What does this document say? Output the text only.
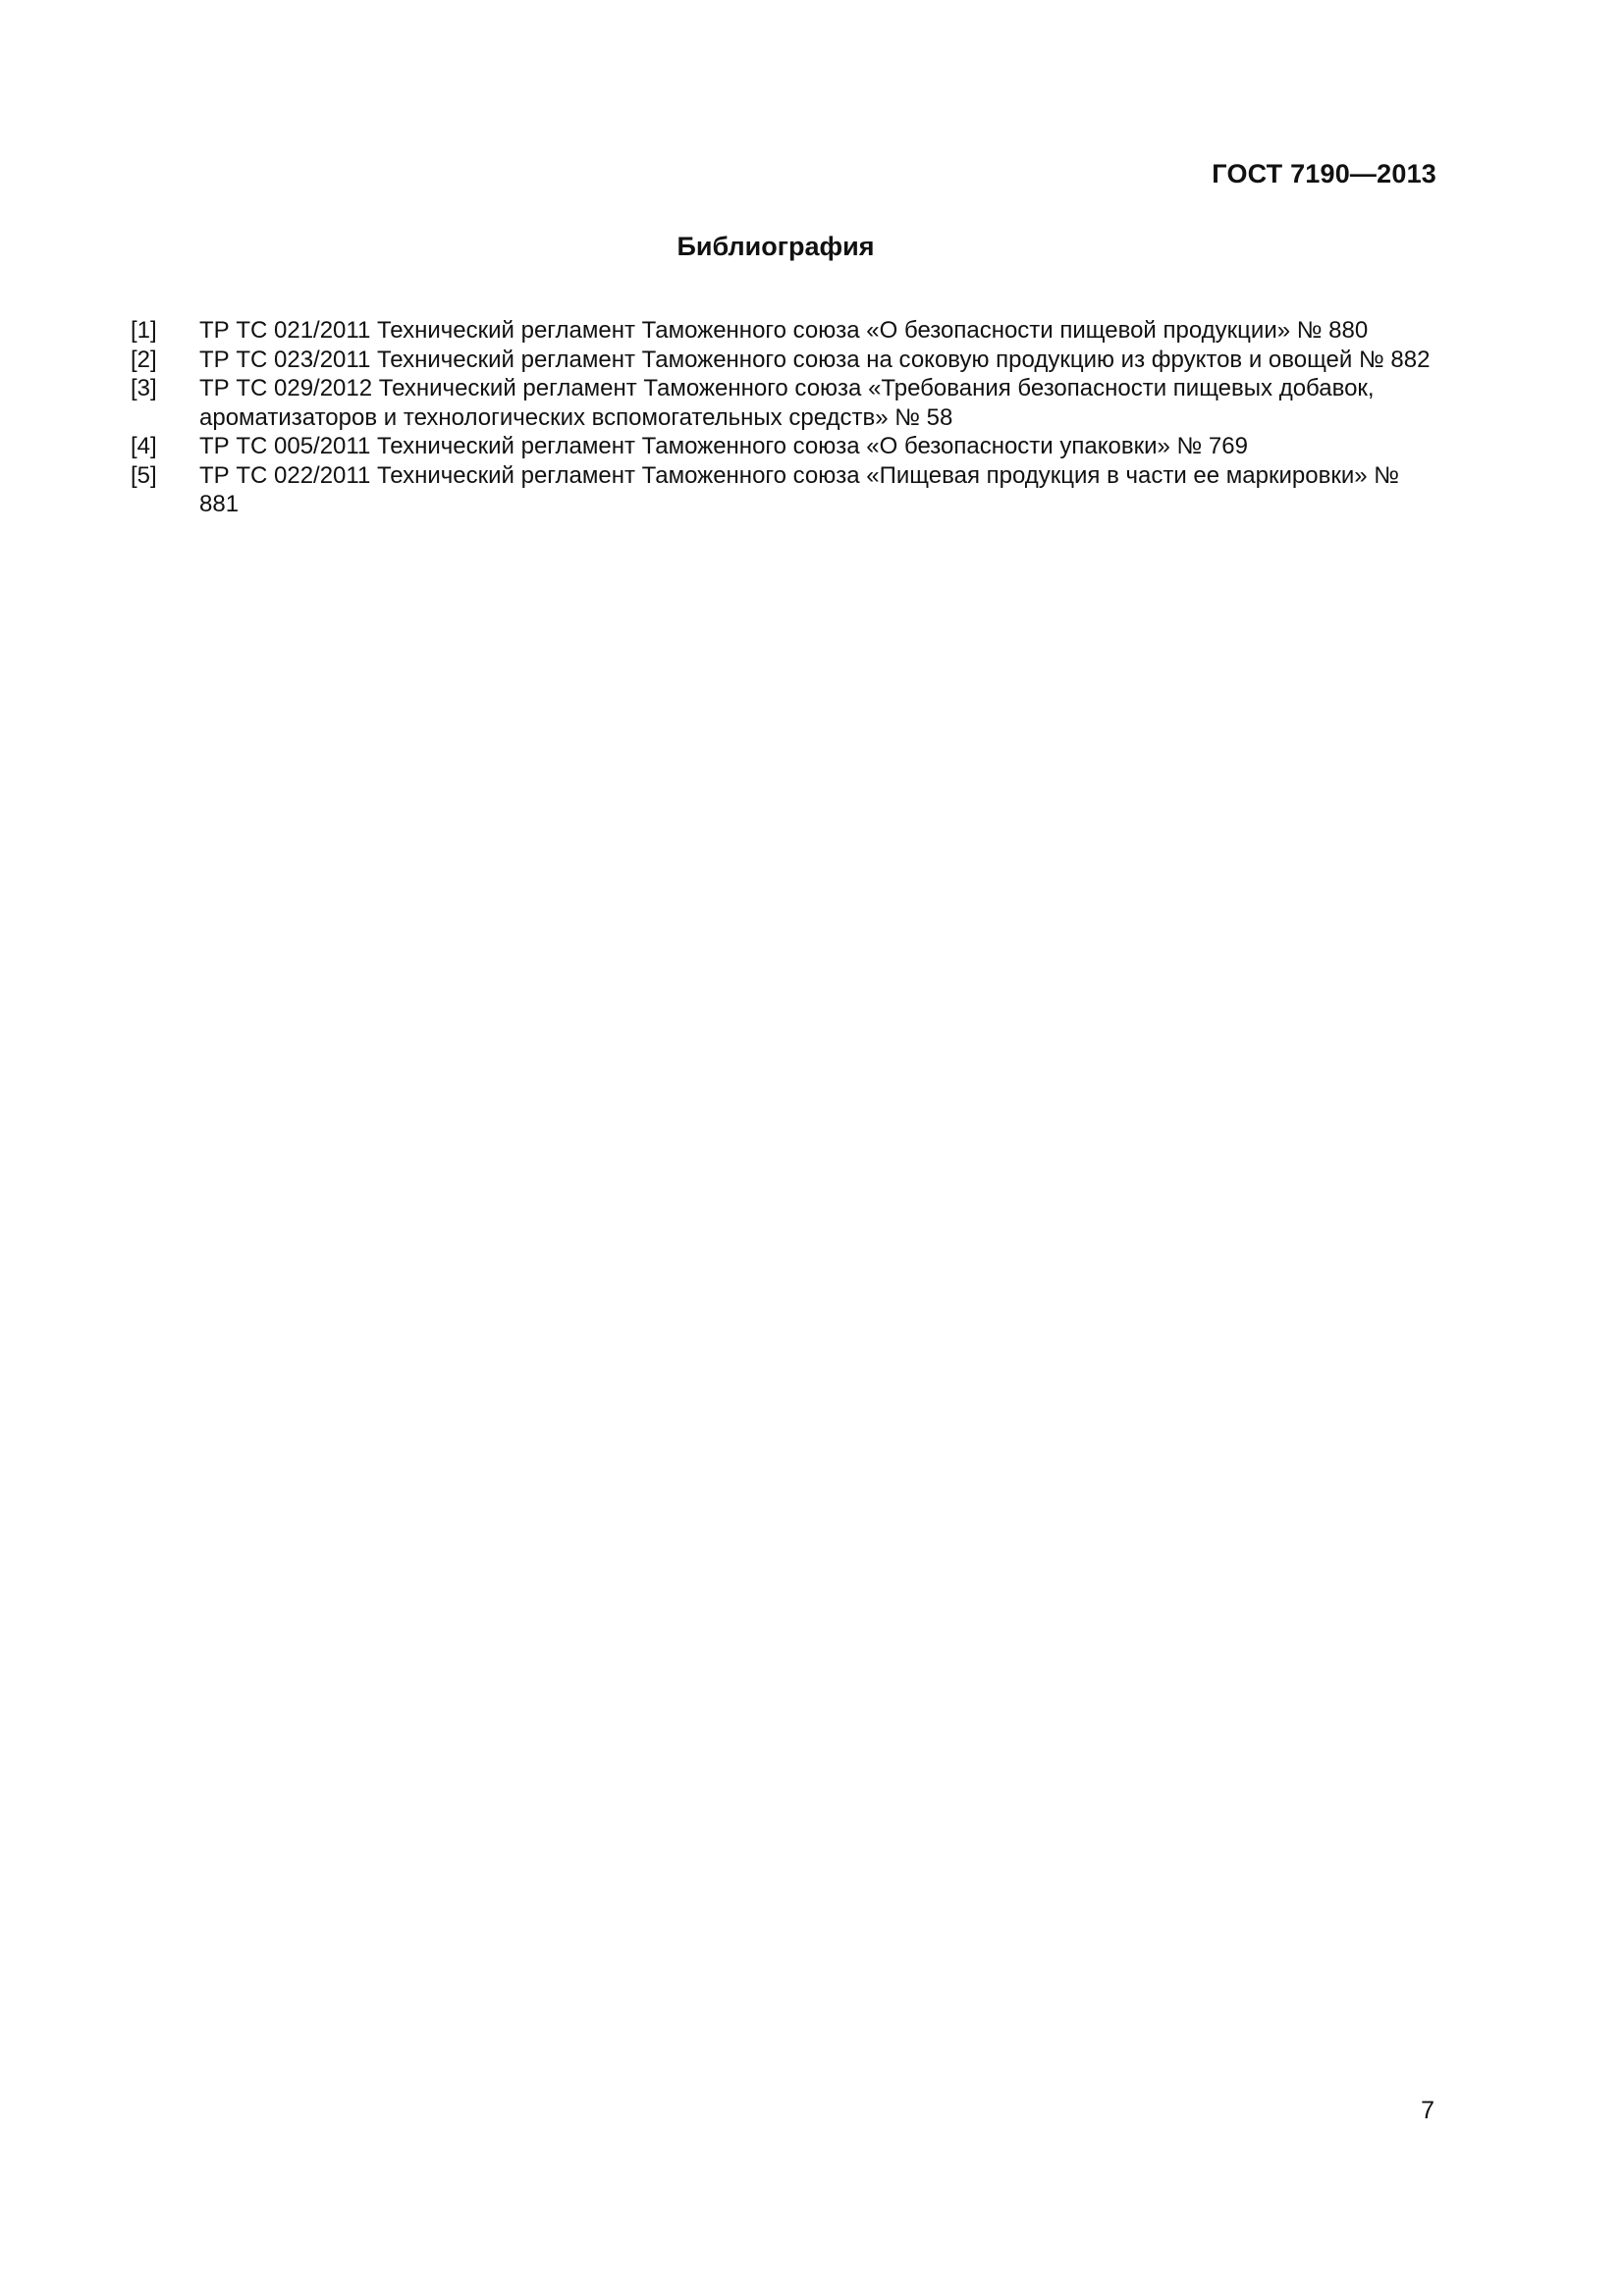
ГОСТ 7190—2013
Библиография
[1]	ТР ТС 021/2011 Технический регламент Таможенного союза «О безопасности пищевой продукции» № 880
[2]	ТР ТС 023/2011 Технический регламент Таможенного союза на соковую продукцию из фруктов и овощей № 882
[3]	ТР ТС 029/2012 Технический регламент Таможенного союза «Требования безопасности пищевых добавок, ароматизаторов и технологических вспомогательных средств» № 58
[4]	ТР ТС 005/2011 Технический регламент Таможенного союза «О безопасности упаковки» № 769
[5]	ТР ТС 022/2011 Технический регламент Таможенного союза «Пищевая продукция в части ее маркировки» № 881
7
